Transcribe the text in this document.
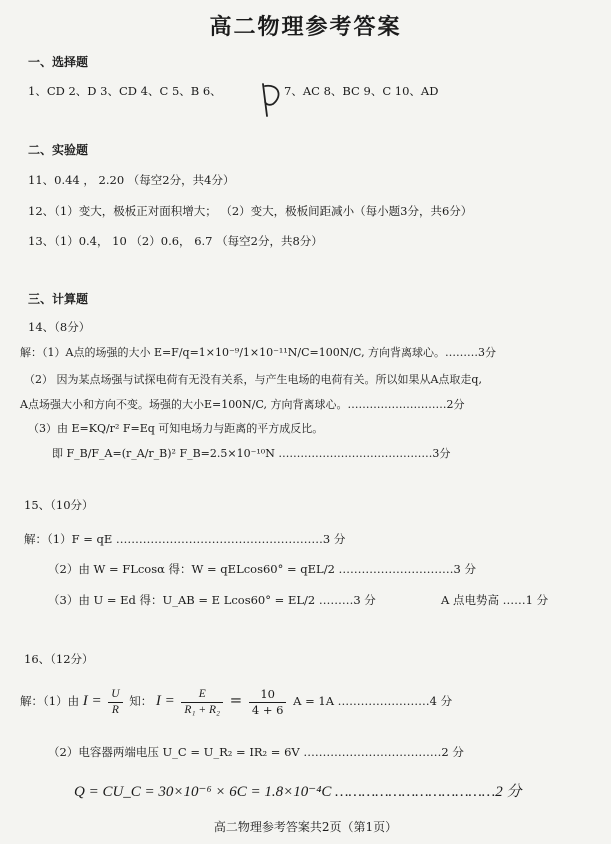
高二物理参考答案
一、选择题
1、CD 2、D 3、CD 4、C 5、B 6、	7、AC 8、BC 9、C 10、AD
二、实验题
11、0.44 ， 2.20 （每空2分，共4分）
12、（1）变大，极板正对面积增大； （2）变大，极板间距减小（每小题3分，共6分）
13、（1）0.4， 10 （2）0.6， 6.7 （每空2分，共8分）
三、计算题
14、（8分）
解：（1）A点的场强的大小 E=F/q=1×10⁻⁹/1×10⁻¹¹N/C=100N/C, 方向背离球心。………3分
（2） 因为某点场强与试探电荷有无没有关系，与产生电场的电荷有关。所以如果从A点取走q,
A点场强大小和方向不变。场强的大小E=100N/C, 方向背离球心。………………………2分
（3）由 E=KQ/r² F=Eq 可知电场力与距离的平方成反比。
即 F_B/F_A=(r_A/r_B)² F_B=2.5×10⁻¹⁰N ……………………………………3分
15、（10分）
解：（1）F = qE ………………………………………………3 分
（2）由 W = FLcosα 得：W = qELcos60° = qEL/2 …………………………3 分
（3）由 U = Ed 得：U_AB = E Lcos60° = EL/2 ………3 分	A 点电势高 ……1 分
16、（12分）
解：（1）由 $I = \frac{U}{R}$ 知： $I = \frac{E}{\text{R₁ + R₂}} = \frac{10}{4 + 6}$ A = 1A ……………………4 分
（2）电容器两端电压 U_C = U_R₂ = IR₂ = 6V ………………………………2 分
Q = CU_C = 30×10⁻⁶ × 6C = 1.8×10⁻⁴C ………………………………2 分
高二物理参考答案共2页（第1页）
